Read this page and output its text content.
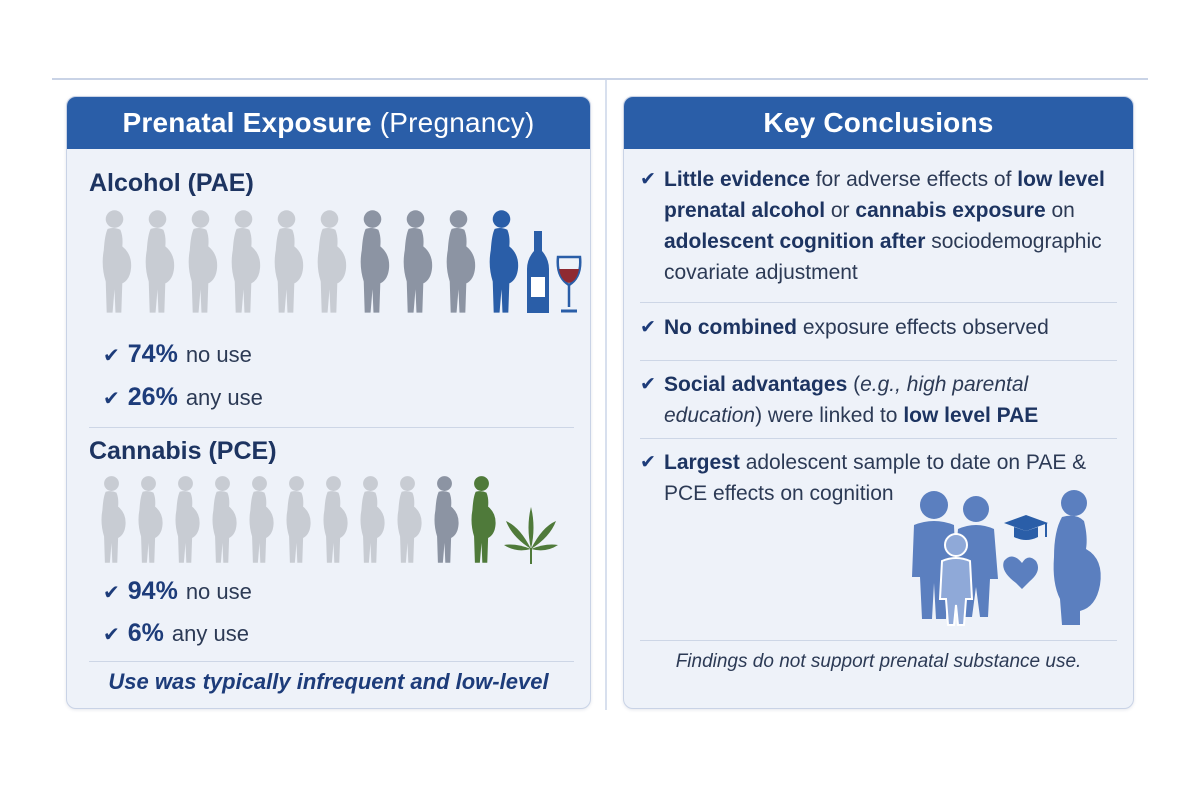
Prenatal Exposure (Pregnancy)
Alcohol (PAE)
✔ 74% no use
✔ 26% any use
Cannabis (PCE)
✔ 94% no use
✔ 6% any use
Use was typically infrequent and low-level
Key Conclusions
✔ Little evidence for adverse effects of low level prenatal alcohol or cannabis exposure on adolescent cognition after sociodemographic covariate adjustment
✔ No combined exposure effects observed
✔ Social advantages (e.g., high parental education) were linked to low level PAE
✔ Largest adolescent sample to date on PAE & PCE effects on cognition
Findings do not support prenatal substance use.
